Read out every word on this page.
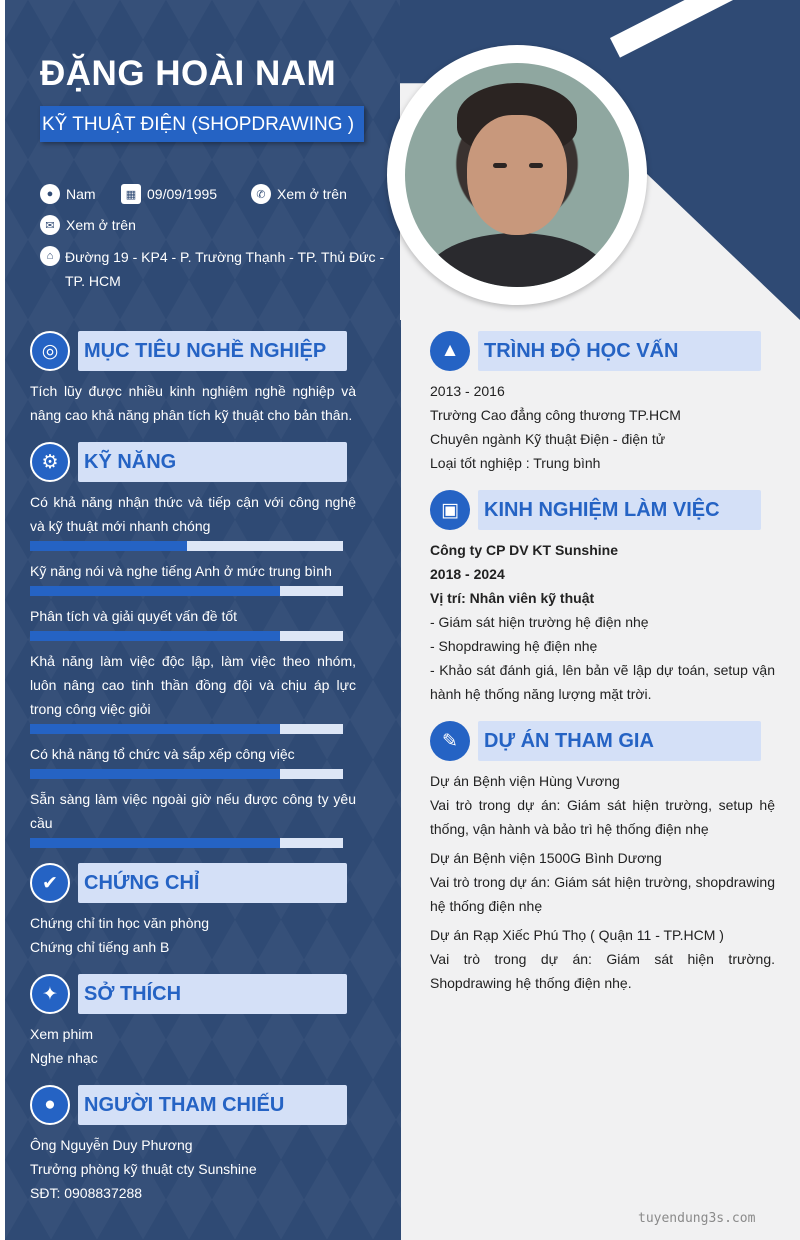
ĐẶNG HOÀI NAM
KỸ THUẬT ĐIỆN (SHOPDRAWING )
● Nam	▦ 09/09/1995	✆ Xem ở trên
✉ Xem ở trên
⌂ Đường 19 - KP4 - P. Trường Thạnh - TP. Thủ Đức - TP. HCM
◎	MỤC TIÊU NGHỀ NGHIỆP
Tích lũy được nhiều kinh nghiệm nghề nghiệp và nâng cao khả năng phân tích kỹ thuật cho bản thân.
⚙	KỸ NĂNG
Có khả năng nhận thức và tiếp cận với công nghệ và kỹ thuật mới nhanh chóng
Kỹ năng nói và nghe tiếng Anh ở mức trung bình
Phân tích và giải quyết vấn đề tốt
Khả năng làm việc độc lập, làm việc theo nhóm, luôn nâng cao tinh thần đồng đội và chịu áp lực trong công việc giỏi
Có khả năng tổ chức và sắp xếp công việc
Sẵn sàng làm việc ngoài giờ nếu được công ty yêu cầu
✔	CHỨNG CHỈ
Chứng chỉ tin học văn phòng
Chứng chỉ tiếng anh B
✦	SỞ THÍCH
Xem phim
Nghe nhạc
●	NGƯỜI THAM CHIẾU
Ông Nguyễn Duy Phương
Trưởng phòng kỹ thuật cty Sunshine
SĐT: 0908837288
▲	TRÌNH ĐỘ HỌC VẤN
2013 - 2016
Trường Cao đẳng công thương TP.HCM
Chuyên ngành Kỹ thuật Điện - điện tử
Loại tốt nghiệp : Trung bình
▣	KINH NGHIỆM LÀM VIỆC
Công ty CP DV KT Sunshine
2018 - 2024
Vị trí: Nhân viên kỹ thuật
- Giám sát hiện trường hệ điện nhẹ
- Shopdrawing hệ điện nhẹ
- Khảo sát đánh giá, lên bản vẽ lập dự toán, setup vận hành hệ thống năng lượng mặt trời.
✎	DỰ ÁN THAM GIA
Dự án Bệnh viện Hùng Vương
Vai trò trong dự án: Giám sát hiện trường, setup hệ thống, vận hành và bảo trì hệ thống điện nhẹ
Dự án Bệnh viện 1500G Bình Dương
Vai trò trong dự án: Giám sát hiện trường, shopdrawing hệ thống điện nhẹ
Dự án Rạp Xiếc Phú Thọ ( Quận 11 - TP.HCM )
Vai trò trong dự án: Giám sát hiện trường. Shopdrawing hệ thống điện nhẹ.
tuyendung3s.com
